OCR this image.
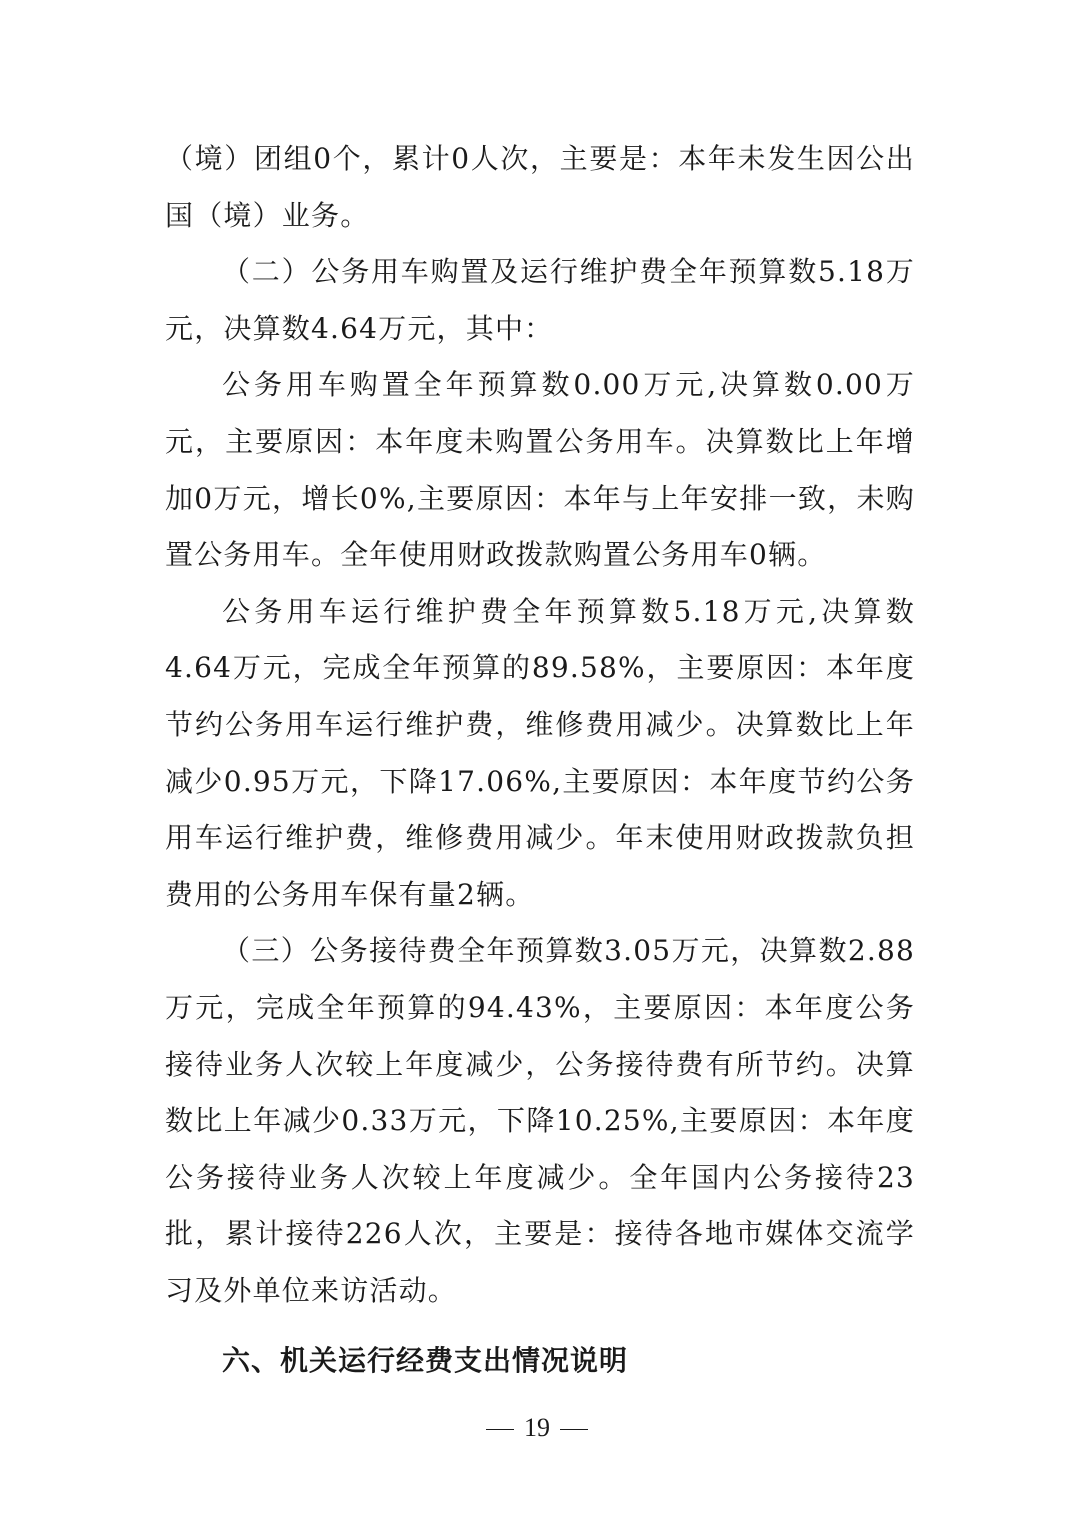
（境）团组0个，累计0人次，主要是：本年未发生因公出国（境）业务。

（二）公务用车购置及运行维护费全年预算数5.18万元，决算数4.64万元，其中：

公务用车购置全年预算数0.00万元,决算数0.00万元，主要原因：本年度未购置公务用车。决算数比上年增加0万元，增长0%,主要原因：本年与上年安排一致，未购置公务用车。全年使用财政拨款购置公务用车0辆。

公务用车运行维护费全年预算数5.18万元,决算数4.64万元，完成全年预算的89.58%，主要原因：本年度节约公务用车运行维护费，维修费用减少。决算数比上年减少0.95万元，下降17.06%,主要原因：本年度节约公务用车运行维护费，维修费用减少。年末使用财政拨款负担费用的公务用车保有量2辆。

（三）公务接待费全年预算数3.05万元，决算数2.88万元，完成全年预算的94.43%，主要原因：本年度公务接待业务人次较上年度减少，公务接待费有所节约。决算数比上年减少0.33万元，下降10.25%,主要原因：本年度公务接待业务人次较上年度减少。全年国内公务接待23批，累计接待226人次，主要是：接待各地市媒体交流学习及外单位来访活动。

六、机关运行经费支出情况说明
19
